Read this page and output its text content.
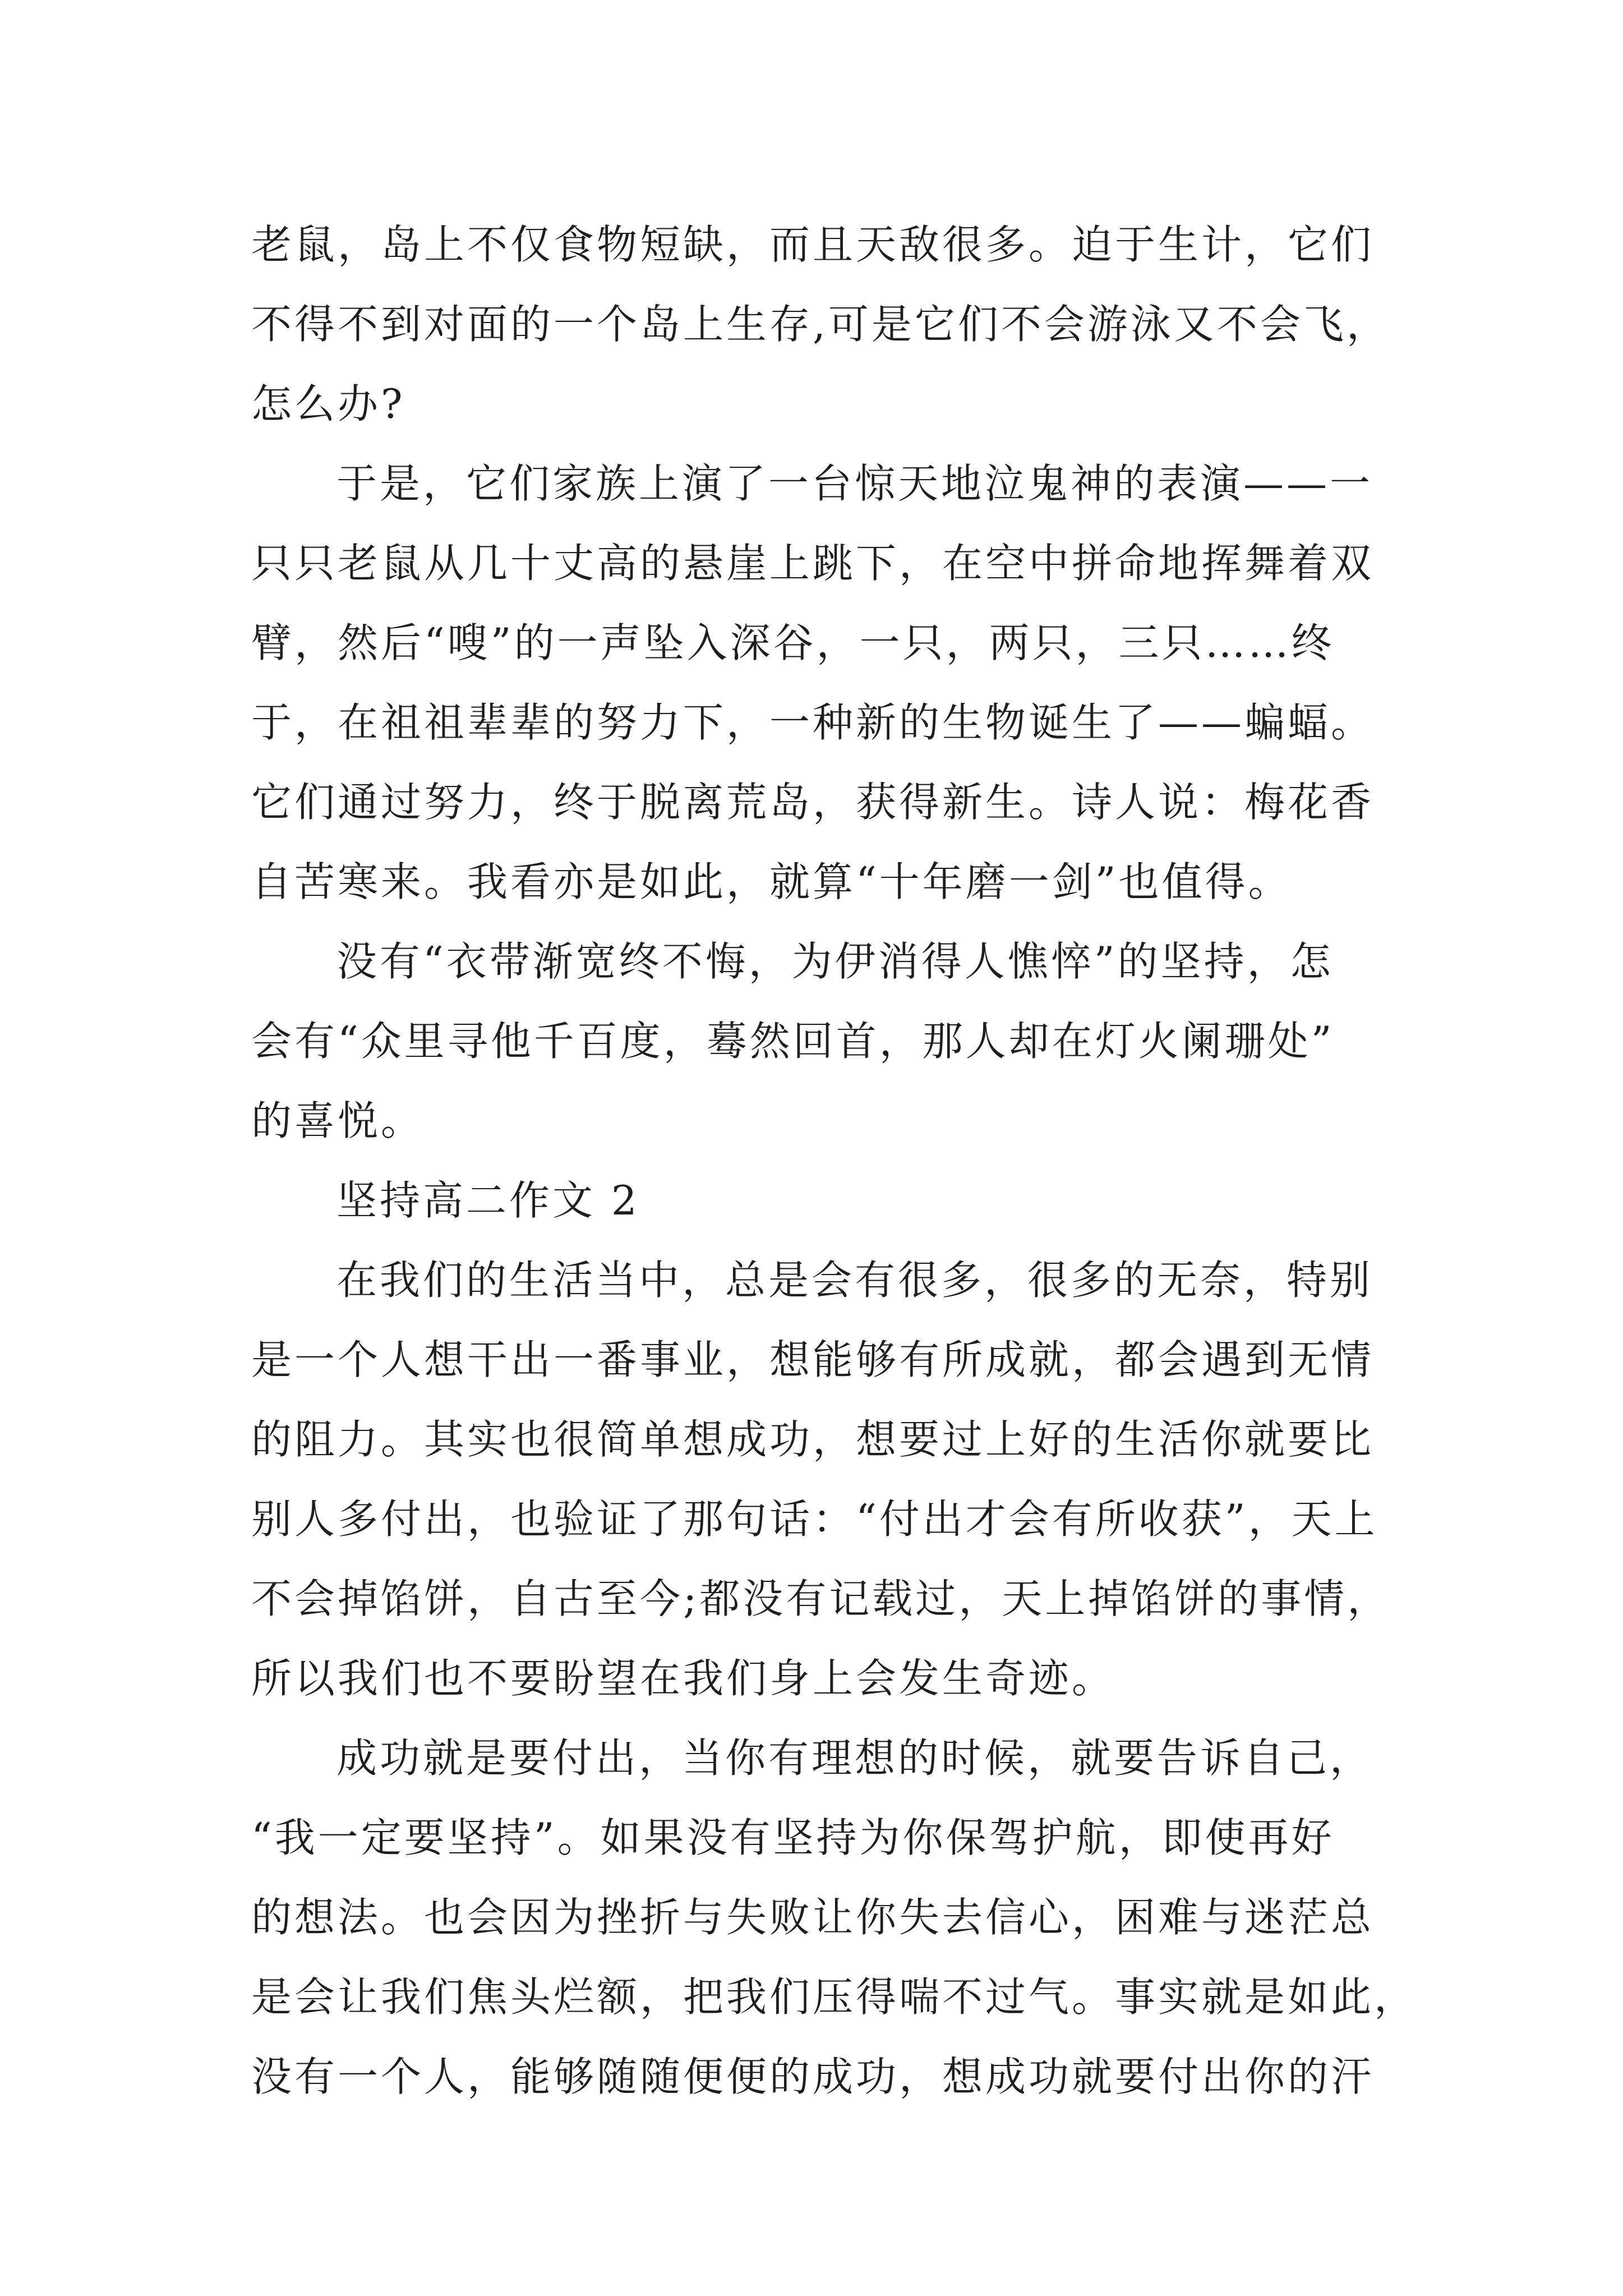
老鼠，岛上不仅食物短缺，而且天敌很多。迫于生计，它们
不得不到对面的一个岛上生存,可是它们不会游泳又不会飞，
怎么办?
于是，它们家族上演了一台惊天地泣鬼神的表演——一
只只老鼠从几十丈高的悬崖上跳下，在空中拼命地挥舞着双
臂，然后“嗖”的一声坠入深谷，一只，两只，三只……终
于，在祖祖辈辈的努力下，一种新的生物诞生了——蝙蝠。
它们通过努力，终于脱离荒岛，获得新生。诗人说：梅花香
自苦寒来。我看亦是如此，就算“十年磨一剑”也值得。
没有“衣带渐宽终不悔，为伊消得人憔悴”的坚持，怎
会有“众里寻他千百度，蓦然回首，那人却在灯火阑珊处”
的喜悦。
坚持高二作文 2
在我们的生活当中，总是会有很多，很多的无奈，特别
是一个人想干出一番事业，想能够有所成就，都会遇到无情
的阻力。其实也很简单想成功，想要过上好的生活你就要比
别人多付出，也验证了那句话：“付出才会有所收获”，天上
不会掉馅饼，自古至今;都没有记载过，天上掉馅饼的事情，
所以我们也不要盼望在我们身上会发生奇迹。
成功就是要付出，当你有理想的时候，就要告诉自己，
“我一定要坚持”。如果没有坚持为你保驾护航，即使再好
的想法。也会因为挫折与失败让你失去信心，困难与迷茫总
是会让我们焦头烂额，把我们压得喘不过气。事实就是如此，
没有一个人，能够随随便便的成功，想成功就要付出你的汗
